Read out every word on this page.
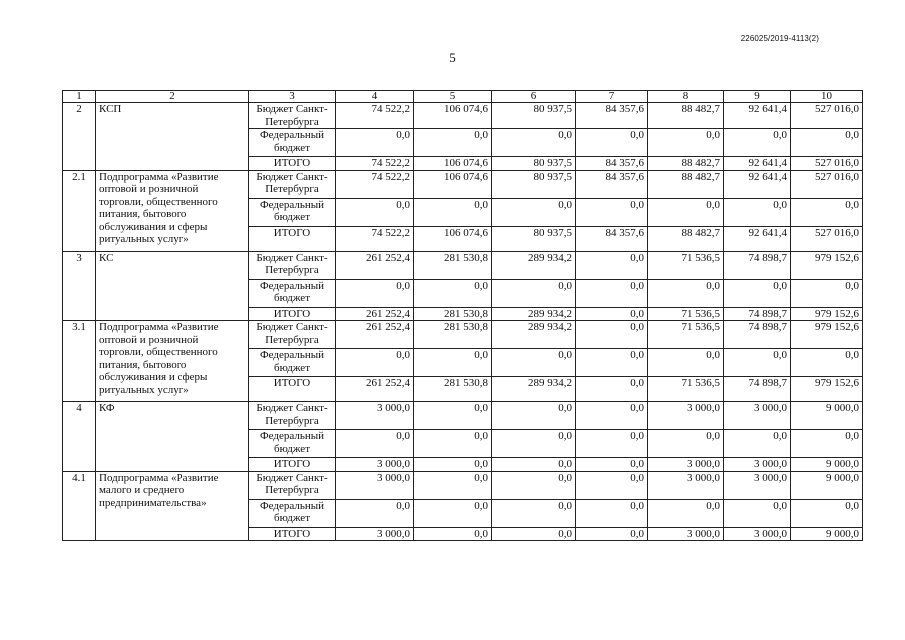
226025/2019-4113(2)
5
1	2	3	4	5	6	7	8	9	10
2	КСП	Бюджет Санкт-Петербурга	74 522,2	106 074,6	80 937,5	84 357,6	88 482,7	92 641,4	527 016,0
		Федеральный бюджет	0,0	0,0	0,0	0,0	0,0	0,0	0,0
		ИТОГО	74 522,2	106 074,6	80 937,5	84 357,6	88 482,7	92 641,4	527 016,0
2.1	Подпрограмма «Развитие оптовой и розничной торговли, общественного питания, бытового обслуживания и сферы ритуальных услуг»	Бюджет Санкт-Петербурга	74 522,2	106 074,6	80 937,5	84 357,6	88 482,7	92 641,4	527 016,0
		Федеральный бюджет	0,0	0,0	0,0	0,0	0,0	0,0	0,0
		ИТОГО	74 522,2	106 074,6	80 937,5	84 357,6	88 482,7	92 641,4	527 016,0
3	КС	Бюджет Санкт-Петербурга	261 252,4	281 530,8	289 934,2	0,0	71 536,5	74 898,7	979 152,6
		Федеральный бюджет	0,0	0,0	0,0	0,0	0,0	0,0	0,0
		ИТОГО	261 252,4	281 530,8	289 934,2	0,0	71 536,5	74 898,7	979 152,6
3.1	Подпрограмма «Развитие оптовой и розничной торговли, общественного питания, бытового обслуживания и сферы ритуальных услуг»	Бюджет Санкт-Петербурга	261 252,4	281 530,8	289 934,2	0,0	71 536,5	74 898,7	979 152,6
		Федеральный бюджет	0,0	0,0	0,0	0,0	0,0	0,0	0,0
		ИТОГО	261 252,4	281 530,8	289 934,2	0,0	71 536,5	74 898,7	979 152,6
4	КФ	Бюджет Санкт-Петербурга	3 000,0	0,0	0,0	0,0	3 000,0	3 000,0	9 000,0
		Федеральный бюджет	0,0	0,0	0,0	0,0	0,0	0,0	0,0
		ИТОГО	3 000,0	0,0	0,0	0,0	3 000,0	3 000,0	9 000,0
4.1	Подпрограмма «Развитие малого и среднего предпринимательства»	Бюджет Санкт-Петербурга	3 000,0	0,0	0,0	0,0	3 000,0	3 000,0	9 000,0
		Федеральный бюджет	0,0	0,0	0,0	0,0	0,0	0,0	0,0
		ИТОГО	3 000,0	0,0	0,0	0,0	3 000,0	3 000,0	9 000,0
